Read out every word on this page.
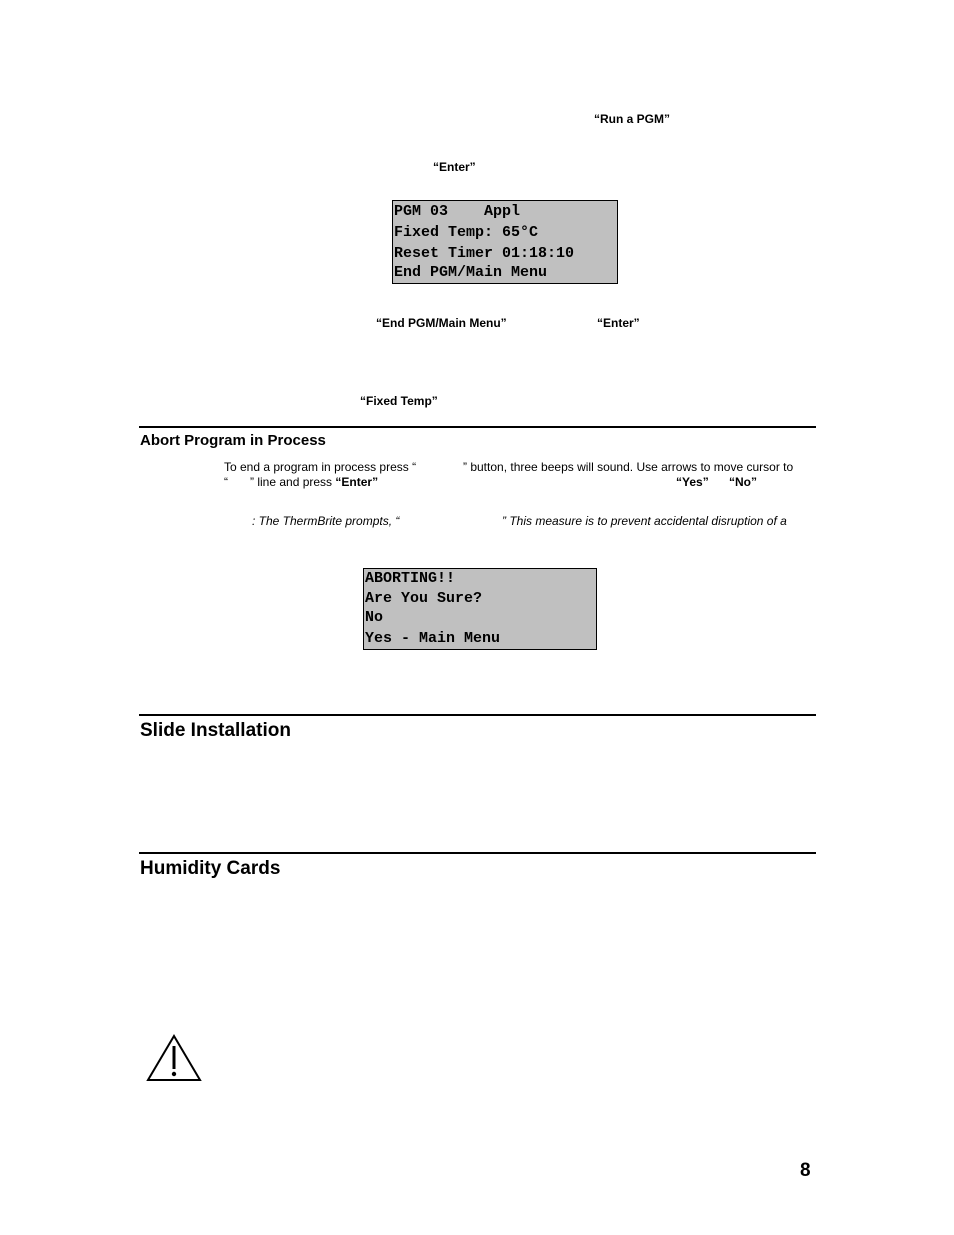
“Run a PGM”
“Enter”
PGM 03    Appl
Fixed Temp: 65°C
Reset Timer 01:18:10
End PGM/Main Menu
“End PGM/Main Menu”	“Enter”
“Fixed Temp”
Abort Program in Process
To end a program in process press “	” button, three beeps will sound. Use arrows to move cursor to
“ ” line and press “Enter”	“Yes” “No”
: The ThermBrite prompts, “	” This measure is to prevent accidental disruption of a
ABORTING!!
Are You Sure?
No
Yes - Main Menu
Slide Installation
Humidity Cards
8
